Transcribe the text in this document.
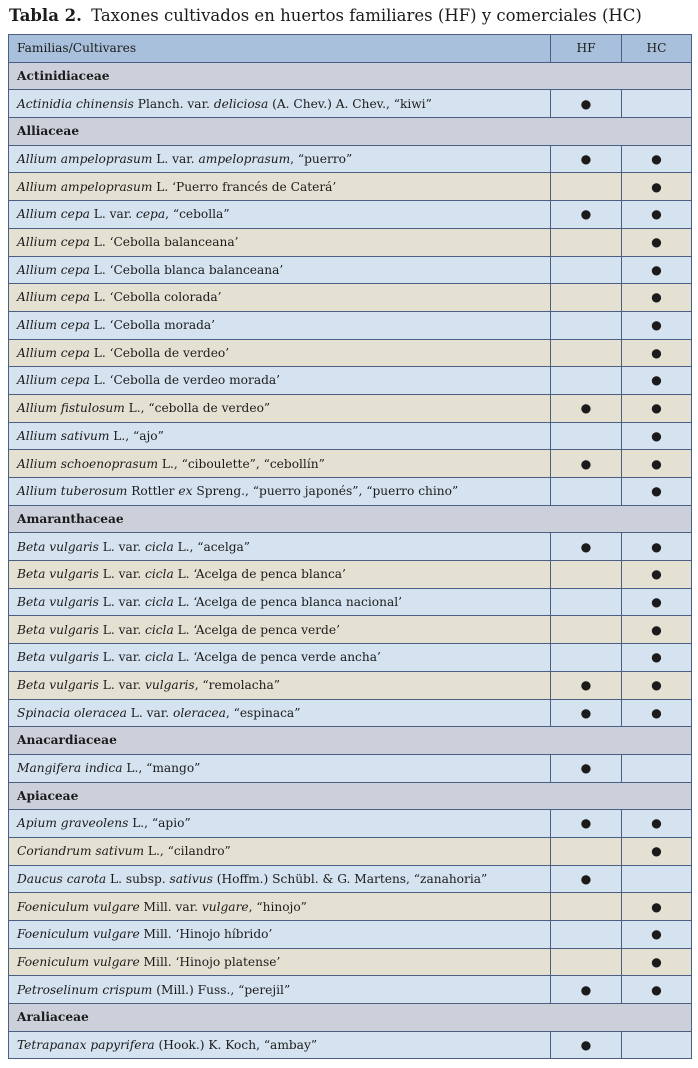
Tabla 2. Taxones cultivados en huertos familiares (HF) y comerciales (HC)
Familias/Cultivares	HF	HC
Actinidiaceae		
Actinidia chinensis Planch. var. deliciosa (A. Chev.) A. Chev., “kiwi”	●	
Alliaceae		
Allium ampeloprasum L. var. ampeloprasum, “puerro”	●	●
Allium ampeloprasum L. ‘Puerro francés de Caterá’		●
Allium cepa L. var. cepa, “cebolla”	●	●
Allium cepa L. ‘Cebolla balanceana’		●
Allium cepa L. ‘Cebolla blanca balanceana’		●
Allium cepa L. ‘Cebolla colorada’		●
Allium cepa L. ‘Cebolla morada’		●
Allium cepa L. ‘Cebolla de verdeo’		●
Allium cepa L. ‘Cebolla de verdeo morada’		●
Allium fistulosum L., “cebolla de verdeo”	●	●
Allium sativum L., “ajo”		●
Allium schoenoprasum L., “ciboulette”, “cebollín”	●	●
Allium tuberosum Rottler ex Spreng., “puerro japonés”, “puerro chino”		●
Amaranthaceae		
Beta vulgaris L. var. cicla L., “acelga”	●	●
Beta vulgaris L. var. cicla L. ‘Acelga de penca blanca’		●
Beta vulgaris L. var. cicla L. ‘Acelga de penca blanca nacional’		●
Beta vulgaris L. var. cicla L. ‘Acelga de penca verde’		●
Beta vulgaris L. var. cicla L. ‘Acelga de penca verde ancha’		●
Beta vulgaris L. var. vulgaris, “remolacha”	●	●
Spinacia oleracea L. var. oleracea, “espinaca”	●	●
Anacardiaceae		
Mangifera indica L., “mango”	●	
Apiaceae		
Apium graveolens L., “apio”	●	●
Coriandrum sativum L., “cilandro”		●
Daucus carota L. subsp. sativus (Hoffm.) Schübl. & G. Martens, “zanahoria”	●	
Foeniculum vulgare Mill. var. vulgare, “hinojo”		●
Foeniculum vulgare Mill. ‘Hinojo híbrido’		●
Foeniculum vulgare Mill. ‘Hinojo platense’		●
Petroselinum crispum (Mill.) Fuss., “perejil”	●	●
Araliaceae		
Tetrapanax papyrifera (Hook.) K. Koch, “ambay”	●	
